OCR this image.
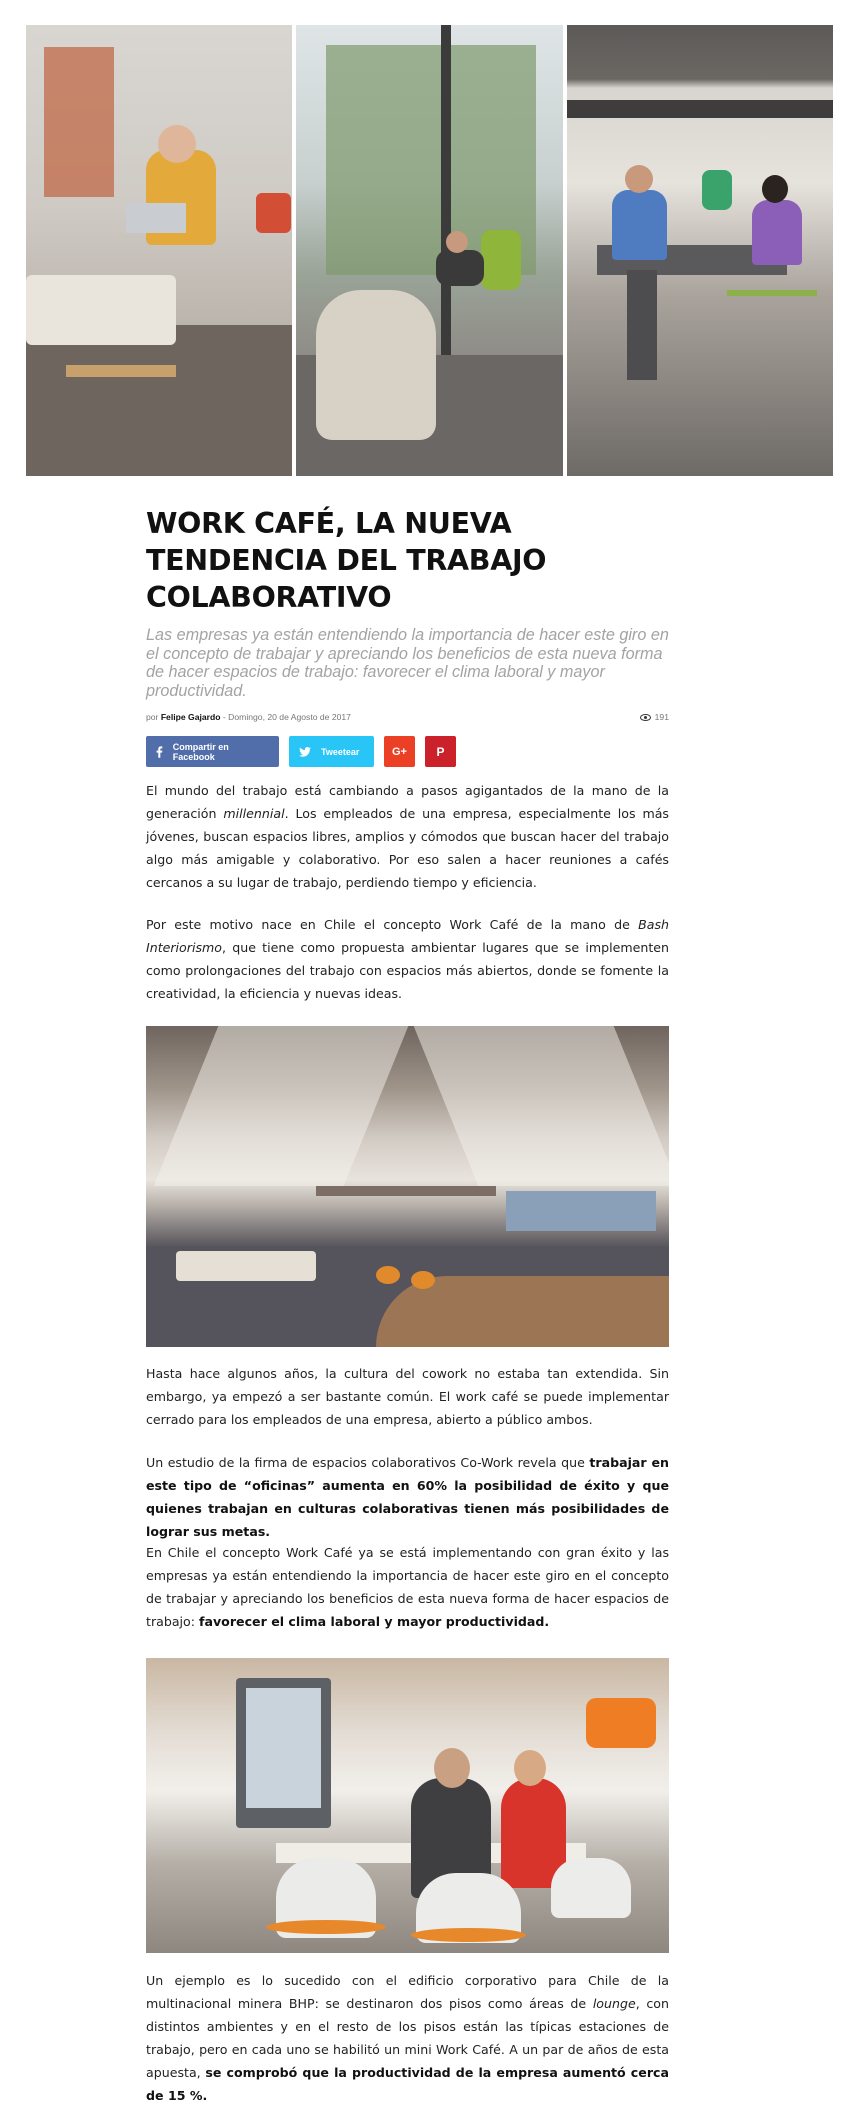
WORK CAFÉ, LA NUEVA TENDENCIA DEL TRABAJO COLABORATIVO

Las empresas ya están entendiendo la importancia de hacer este giro en el concepto de trabajar y apreciando los beneficios de esta nueva forma de hacer espacios de trabajo: favorecer el clima laboral y mayor productividad.

por Felipe Gajardo - Domingo, 20 de Agosto de 2017	191
Compartir en Facebook	Tweetear	G+ P

El mundo del trabajo está cambiando a pasos agigantados de la mano de la generación millennial. Los empleados de una empresa, especialmente los más jóvenes, buscan espacios libres, amplios y cómodos que buscan hacer del trabajo algo más amigable y colaborativo. Por eso salen a hacer reuniones a cafés cercanos a su lugar de trabajo, perdiendo tiempo y eficiencia.

Por este motivo nace en Chile el concepto Work Café de la mano de Bash Interiorismo, que tiene como propuesta ambientar lugares que se implementen como prolongaciones del trabajo con espacios más abiertos, donde se fomente la creatividad, la eficiencia y nuevas ideas.

Hasta hace algunos años, la cultura del cowork no estaba tan extendida. Sin embargo, ya empezó a ser bastante común. El work café se puede implementar cerrado para los empleados de una empresa, abierto a público ambos.

Un estudio de la firma de espacios colaborativos Co-Work revela que trabajar en este tipo de “oficinas” aumenta en 60% la posibilidad de éxito y que quienes trabajan en culturas colaborativas tienen más posibilidades de lograr sus metas.

En Chile el concepto Work Café ya se está implementando con gran éxito y las empresas ya están entendiendo la importancia de hacer este giro en el concepto de trabajar y apreciando los beneficios de esta nueva forma de hacer espacios de trabajo: favorecer el clima laboral y mayor productividad.

Un ejemplo es lo sucedido con el edificio corporativo para Chile de la multinacional minera BHP: se destinaron dos pisos como áreas de lounge, con distintos ambientes y en el resto de los pisos están las típicas estaciones de trabajo, pero en cada uno se habilitó un mini Work Café. A un par de años de esta apuesta, se comprobó que la productividad de la empresa aumentó cerca de 15 %.
